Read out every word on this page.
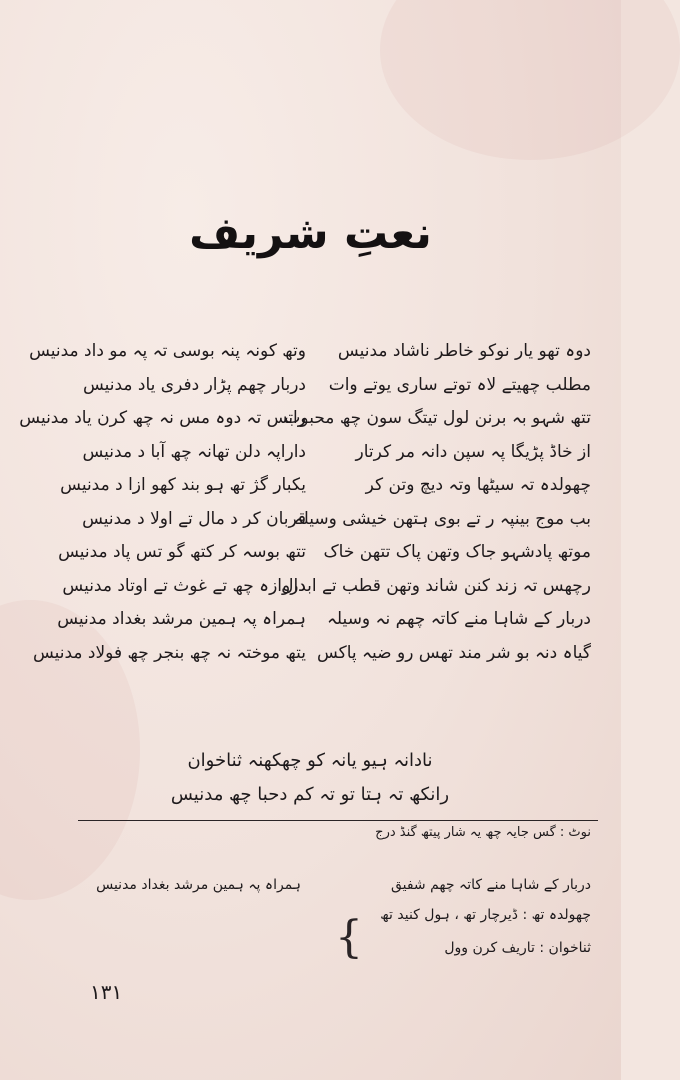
نعتِ شریف
دوہ تھو یار نوکو خاطر ناشاد مدنیس
مطلب چھیتے لاہ توتے ساری یوتے وات
تتھ شہو بہ برنن لول تیتگ سون چھ محبوب
از خاڈ پڑیگا پہ سپن دانہ مر کرتار
چھولدہ تہ سیٹھا وتہ دیچ وتن کر
بب موج بینپہ ر تے بوی ہتھن خیشی وسیلہ
موتھ پادشہو جاک وتھن پاک تتھن خاک
رچھس تہ زند کنن شاند وتھن قطب تے ابدال
دربار کے شاہا منے کاتہ چھم نہ وسیلہ
گیاہ دنہ بو شر مند تھس رو ضیہ پاکس
وتھ کونہ پنہ بوسی تہ پہ مو داد مدنیس
دربار چھم پڑار دفری یاد مدنیس
راتس تہ دوہ مس نہ چھ کرن یاد مدنیس
داراپہ دلن تھانہ چھ آبا د مدنیس
یکبار گژ تھ ہو بند کھو ازا د مدنیس
قربان کر د مال تے اولا د مدنیس
تتھ بوسہ کر کتھ گو تس پاد مدنیس
دروازہ چھ تے غوث تے اوتاد مدنیس
ہمراہ پہ ہمین مرشد بغداد مدنیس
یتھ موختہ نہ چھ بنجر چھ فولاد مدنیس
نادانہ ہیو یانہ کو چھکھنہ ثناخوان
رانکھ تہ ہتا تو تہ کم دحبا چھ مدنیس
نوٹ : گس جایہ چھ یہ شار پیتھ گنڈ درج
دربار کے شاہا منے کاتہ چھم شفیق
ہمراہ پہ ہمین مرشد بغداد مدنیس
چھولدہ تھ : ڈیرچار تھ ، ہول کنید تھ
ثناخوان : تاریف کرن وول
{
١٣١
